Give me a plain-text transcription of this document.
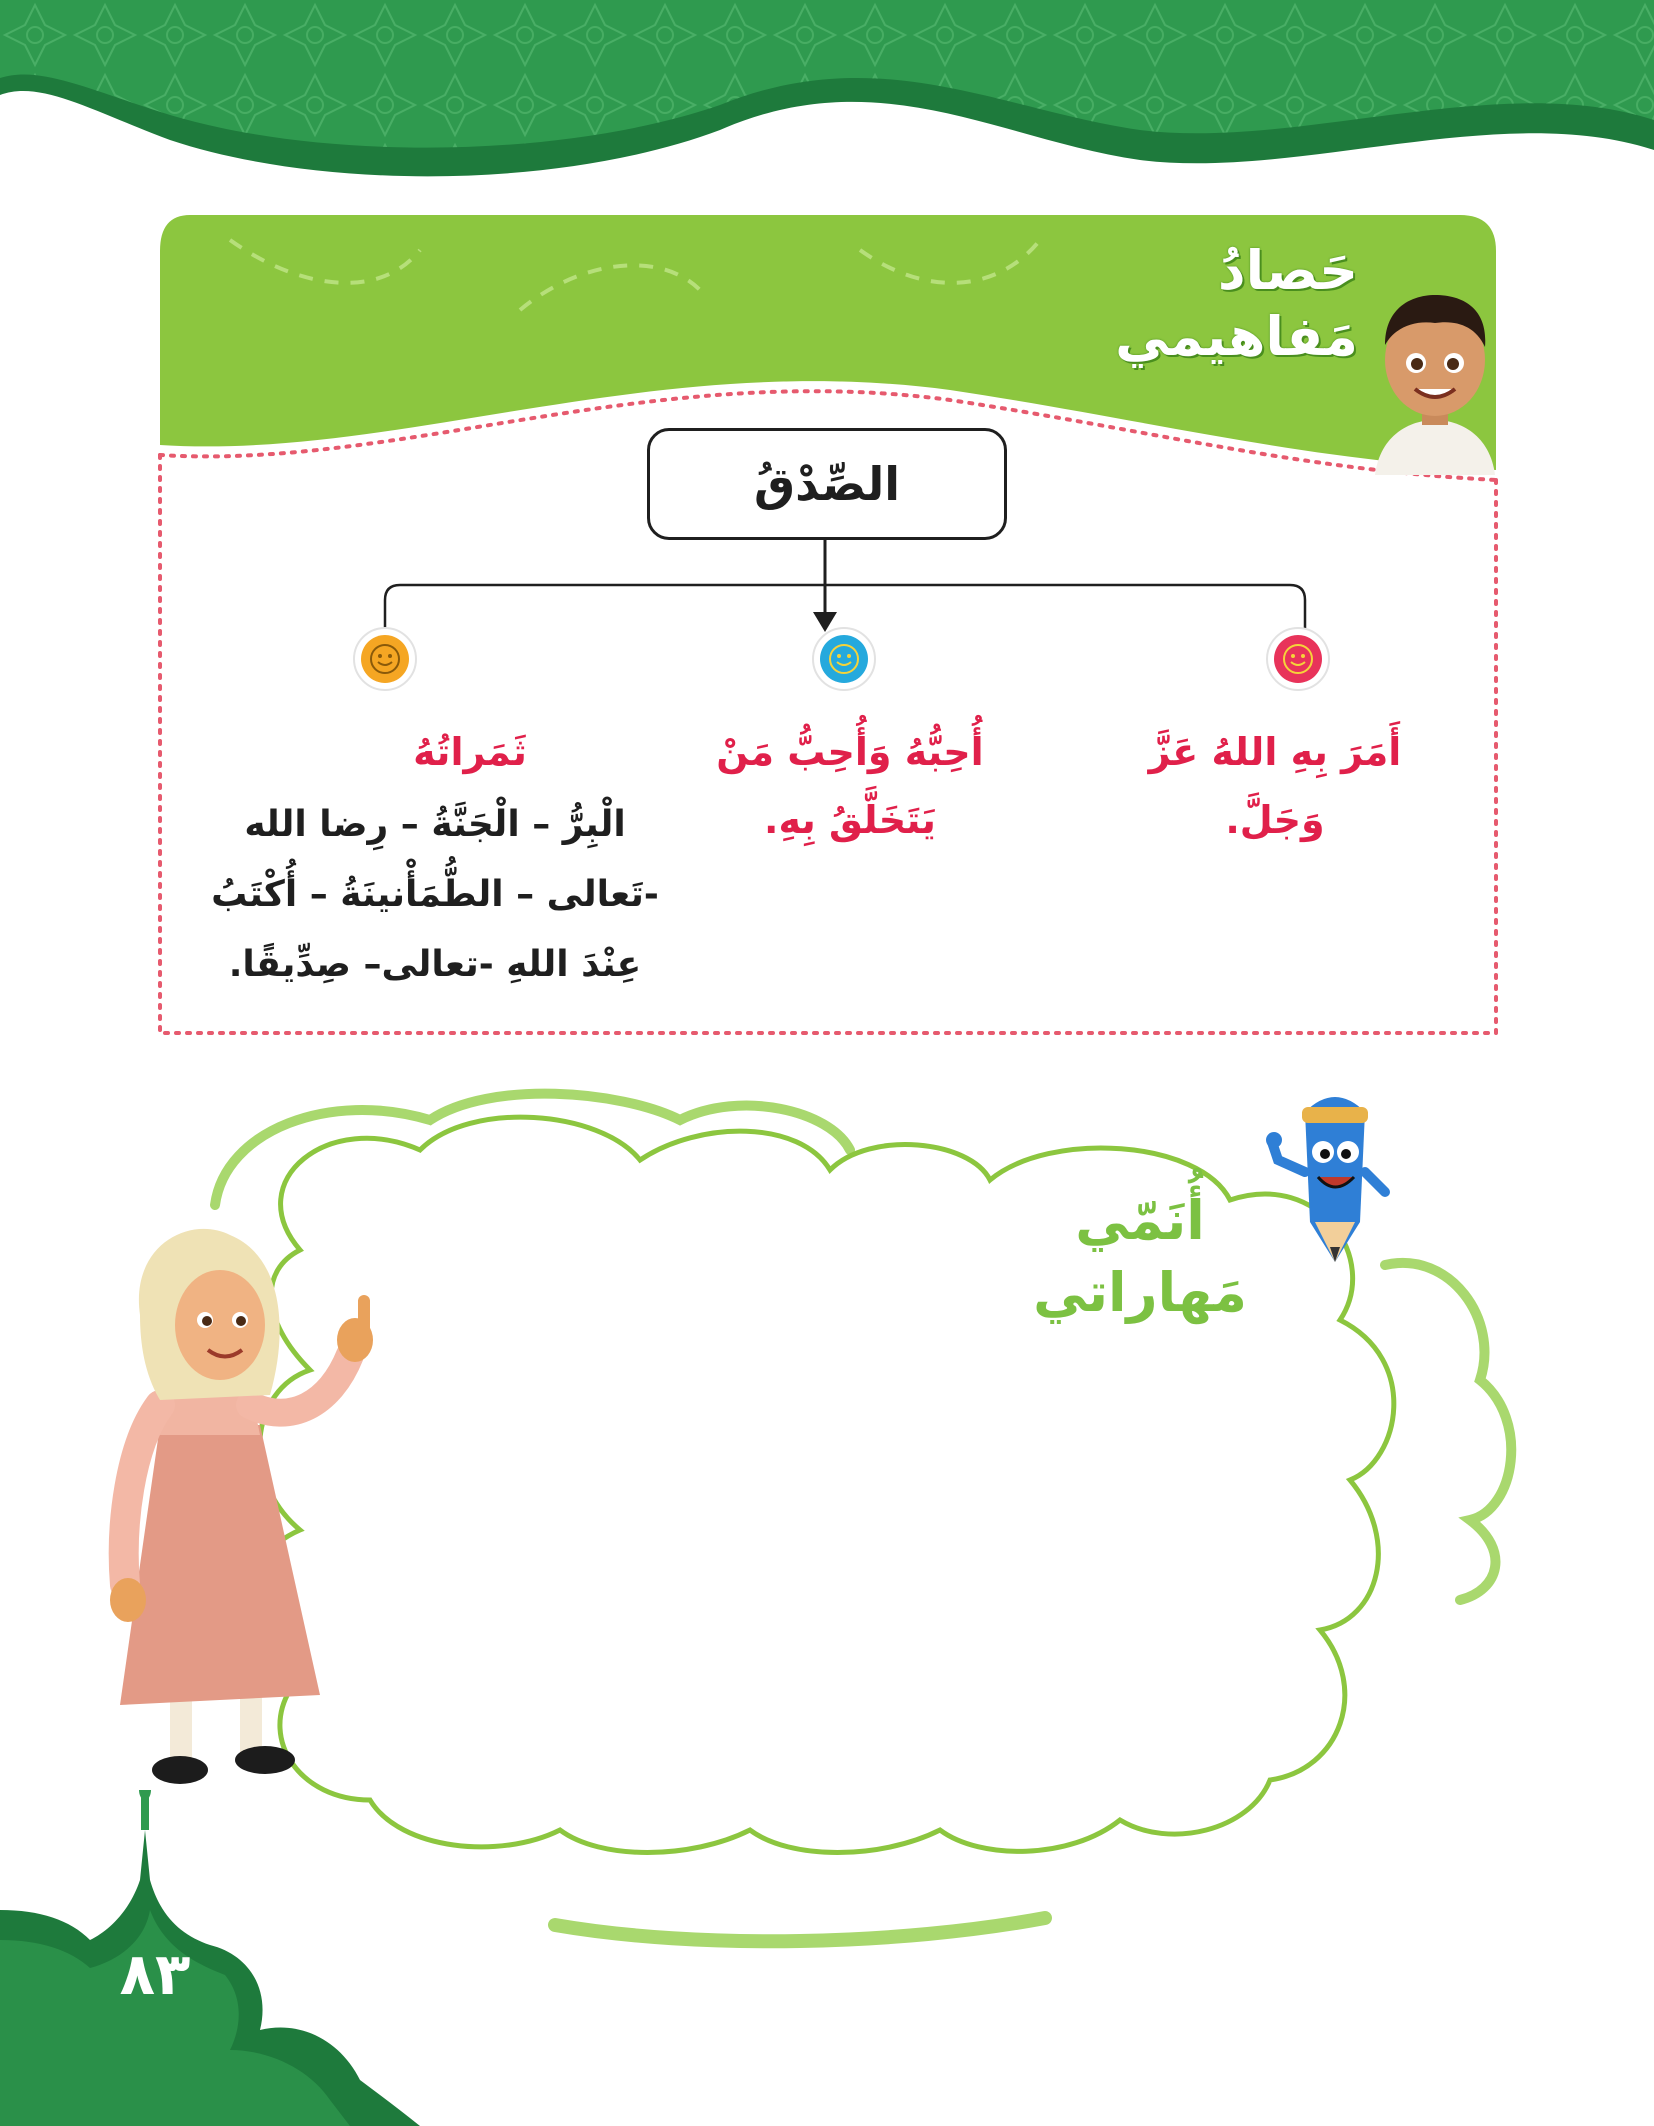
حَصادُ
مَفاهيمي
الصِّدْقُ
أَمَرَ بِهِ اللهُ عَزَّ وَجَلَّ.
أُحِبُّهُ وَأُحِبُّ مَنْ يَتَخَلَّقُ بِهِ.
ثَمَراتُهُ
الْبِرُّ – الْجَنَّةُ – رِضا الله -تَعالى – الطُّمَأْنينَةُ – أُكْتَبُ عِنْدَ اللهِ -تعالى– صِدِّيقًا.
أُنَمّي
مَهاراتي
٨٣
